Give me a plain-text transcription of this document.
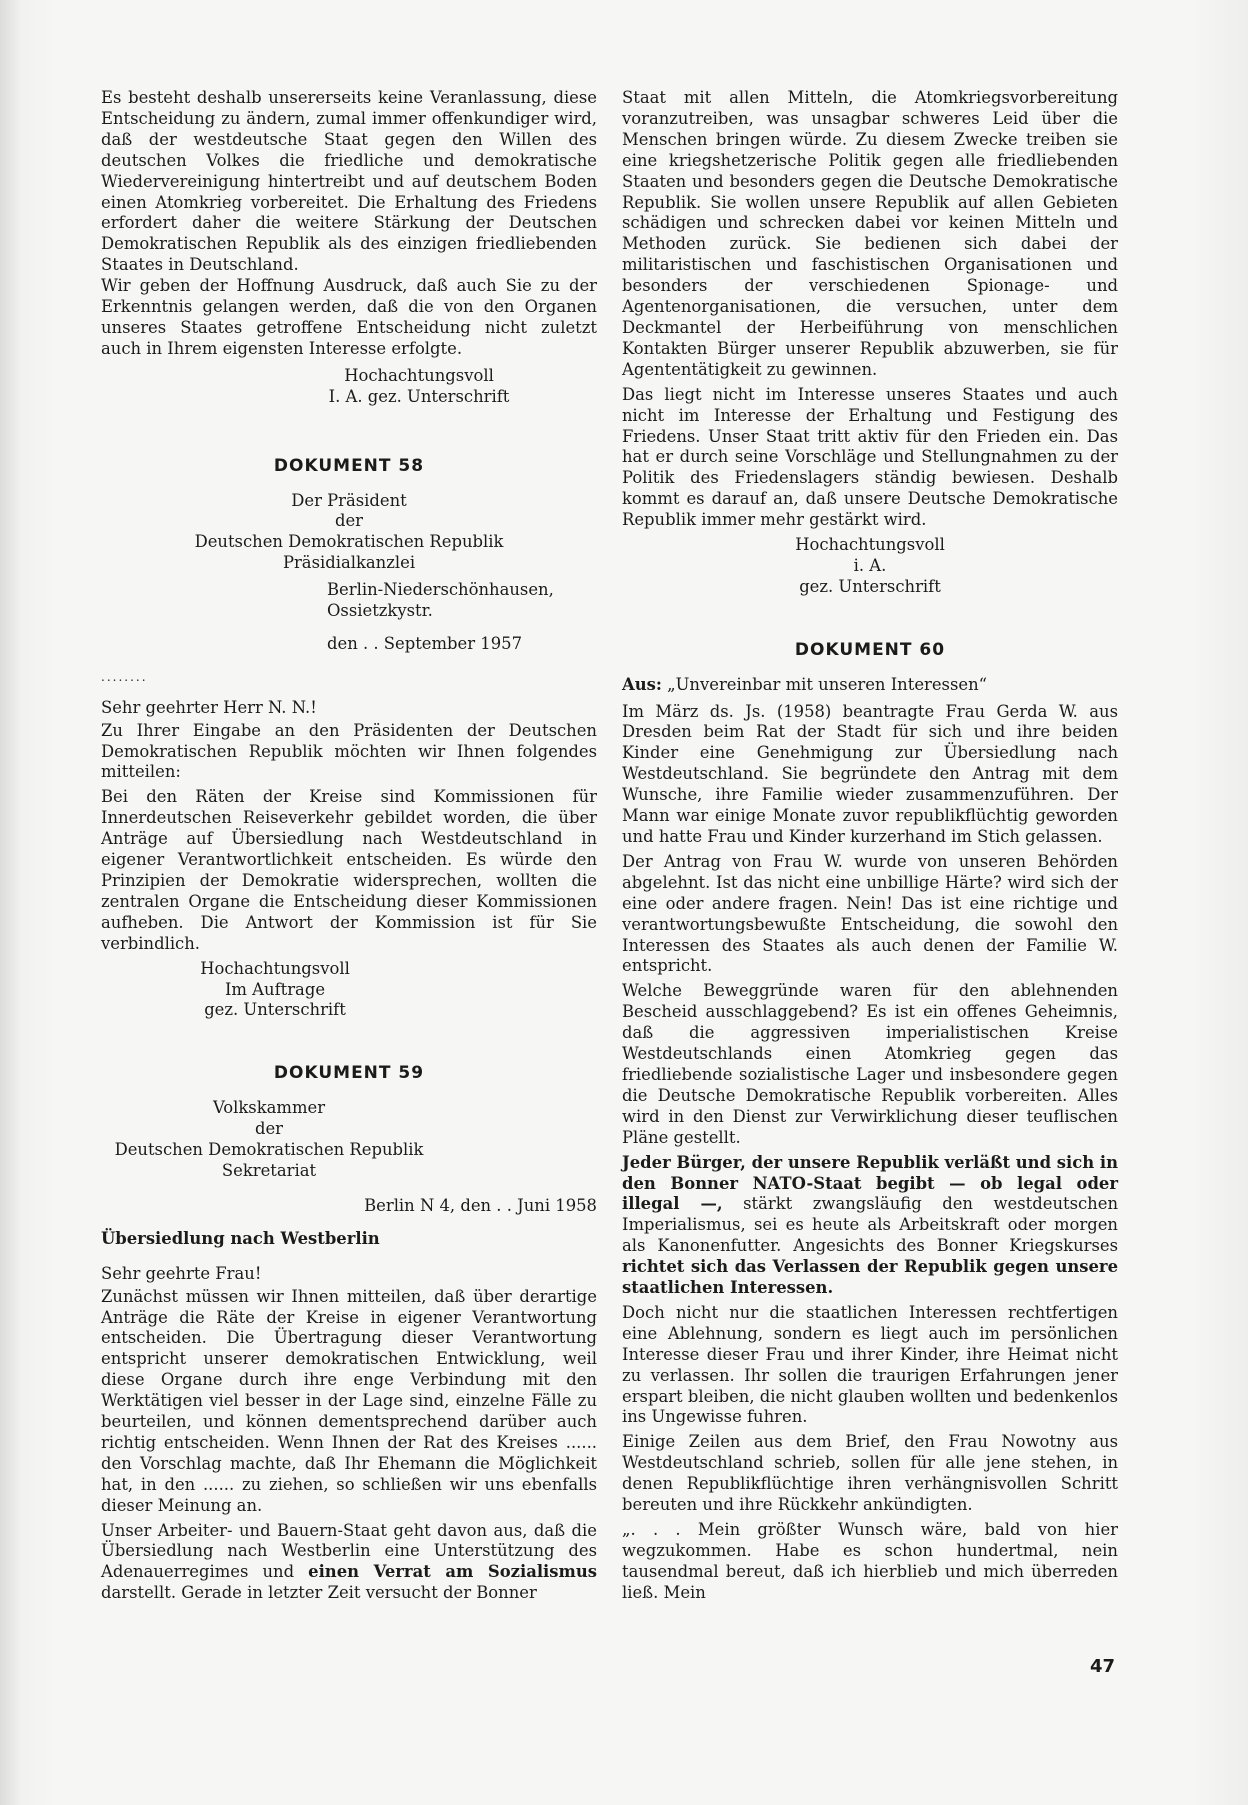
Es besteht deshalb unsererseits keine Veranlassung, diese Entscheidung zu ändern, zumal immer offenkundiger wird, daß der westdeutsche Staat gegen den Willen des deutschen Volkes die friedliche und demokratische Wiedervereinigung hintertreibt und auf deutschem Boden einen Atomkrieg vorbereitet. Die Erhaltung des Friedens erfordert daher die weitere Stärkung der Deutschen Demokratischen Republik als des einzigen friedliebenden Staates in Deutschland.

Wir geben der Hoffnung Ausdruck, daß auch Sie zu der Erkenntnis gelangen werden, daß die von den Organen unseres Staates getroffene Entscheidung nicht zuletzt auch in Ihrem eigensten Interesse erfolgte.

Hochachtungsvoll

I. A. gez. Unterschrift

DOKUMENT 58

Der Präsident

der

Deutschen Demokratischen Republik

Präsidialkanzlei

Berlin-Niederschönhausen,

Ossietzkystr.

den . . September 1957

........

Sehr geehrter Herr N. N.!

Zu Ihrer Eingabe an den Präsidenten der Deutschen Demokratischen Republik möchten wir Ihnen folgendes mitteilen:

Bei den Räten der Kreise sind Kommissionen für Innerdeutschen Reiseverkehr gebildet worden, die über Anträge auf Übersiedlung nach Westdeutschland in eigener Verantwortlichkeit entscheiden. Es würde den Prinzipien der Demokratie widersprechen, wollten die zentralen Organe die Entscheidung dieser Kommissionen aufheben. Die Antwort der Kommission ist für Sie verbindlich.

Hochachtungsvoll

Im Auftrage

gez. Unterschrift

DOKUMENT 59

Volkskammer

der

Deutschen Demokratischen Republik

Sekretariat

Berlin N 4, den . . Juni 1958

Übersiedlung nach Westberlin

Sehr geehrte Frau!

Zunächst müssen wir Ihnen mitteilen, daß über derartige Anträge die Räte der Kreise in eigener Verantwortung entscheiden. Die Übertragung dieser Verantwortung entspricht unserer demokratischen Entwicklung, weil diese Organe durch ihre enge Verbindung mit den Werktätigen viel besser in der Lage sind, einzelne Fälle zu beurteilen, und können dementsprechend darüber auch richtig entscheiden. Wenn Ihnen der Rat des Kreises ...... den Vorschlag machte, daß Ihr Ehemann die Möglichkeit hat, in den ...... zu ziehen, so schließen wir uns ebenfalls dieser Meinung an.

Unser Arbeiter- und Bauern-Staat geht davon aus, daß die Übersiedlung nach Westberlin eine Unterstützung des Adenauerregimes und einen Verrat am Sozialismus darstellt. Gerade in letzter Zeit versucht der Bonner

Staat mit allen Mitteln, die Atomkriegsvorbereitung voranzutreiben, was unsagbar schweres Leid über die Menschen bringen würde. Zu diesem Zwecke treiben sie eine kriegshetzerische Politik gegen alle friedliebenden Staaten und besonders gegen die Deutsche Demokratische Republik. Sie wollen unsere Republik auf allen Gebieten schädigen und schrecken dabei vor keinen Mitteln und Methoden zurück. Sie bedienen sich dabei der militaristischen und faschistischen Organisationen und besonders der verschiedenen Spionage- und Agentenorganisationen, die versuchen, unter dem Deckmantel der Herbeiführung von menschlichen Kontakten Bürger unserer Republik abzuwerben, sie für Agententätigkeit zu gewinnen.

Das liegt nicht im Interesse unseres Staates und auch nicht im Interesse der Erhaltung und Festigung des Friedens. Unser Staat tritt aktiv für den Frieden ein. Das hat er durch seine Vorschläge und Stellungnahmen zu der Politik des Friedenslagers ständig bewiesen. Deshalb kommt es darauf an, daß unsere Deutsche Demokratische Republik immer mehr gestärkt wird.

Hochachtungsvoll

i. A.

gez. Unterschrift

DOKUMENT 60

Aus: „Unvereinbar mit unseren Interessen“

Im März ds. Js. (1958) beantragte Frau Gerda W. aus Dresden beim Rat der Stadt für sich und ihre beiden Kinder eine Genehmigung zur Übersiedlung nach Westdeutschland. Sie begründete den Antrag mit dem Wunsche, ihre Familie wieder zusammenzuführen. Der Mann war einige Monate zuvor republikflüchtig geworden und hatte Frau und Kinder kurzerhand im Stich gelassen.

Der Antrag von Frau W. wurde von unseren Behörden abgelehnt. Ist das nicht eine unbillige Härte? wird sich der eine oder andere fragen. Nein! Das ist eine richtige und verantwortungsbewußte Entscheidung, die sowohl den Interessen des Staates als auch denen der Familie W. entspricht.

Welche Beweggründe waren für den ablehnenden Bescheid ausschlaggebend? Es ist ein offenes Geheimnis, daß die aggressiven imperialistischen Kreise Westdeutschlands einen Atomkrieg gegen das friedliebende sozialistische Lager und insbesondere gegen die Deutsche Demokratische Republik vorbereiten. Alles wird in den Dienst zur Verwirklichung dieser teuflischen Pläne gestellt.

Jeder Bürger, der unsere Republik verläßt und sich in den Bonner NATO-Staat begibt — ob legal oder illegal —, stärkt zwangsläufig den westdeutschen Imperialismus, sei es heute als Arbeitskraft oder morgen als Kanonenfutter. Angesichts des Bonner Kriegskurses richtet sich das Verlassen der Republik gegen unsere staatlichen Interessen.

Doch nicht nur die staatlichen Interessen rechtfertigen eine Ablehnung, sondern es liegt auch im persönlichen Interesse dieser Frau und ihrer Kinder, ihre Heimat nicht zu verlassen. Ihr sollen die traurigen Erfahrungen jener erspart bleiben, die nicht glauben wollten und bedenkenlos ins Ungewisse fuhren.

Einige Zeilen aus dem Brief, den Frau Nowotny aus Westdeutschland schrieb, sollen für alle jene stehen, in denen Republikflüchtige ihren verhängnisvollen Schritt bereuten und ihre Rückkehr ankündigten.

„. . . Mein größter Wunsch wäre, bald von hier wegzukommen. Habe es schon hundertmal, nein tausendmal bereut, daß ich hierblieb und mich überreden ließ. Mein

47
